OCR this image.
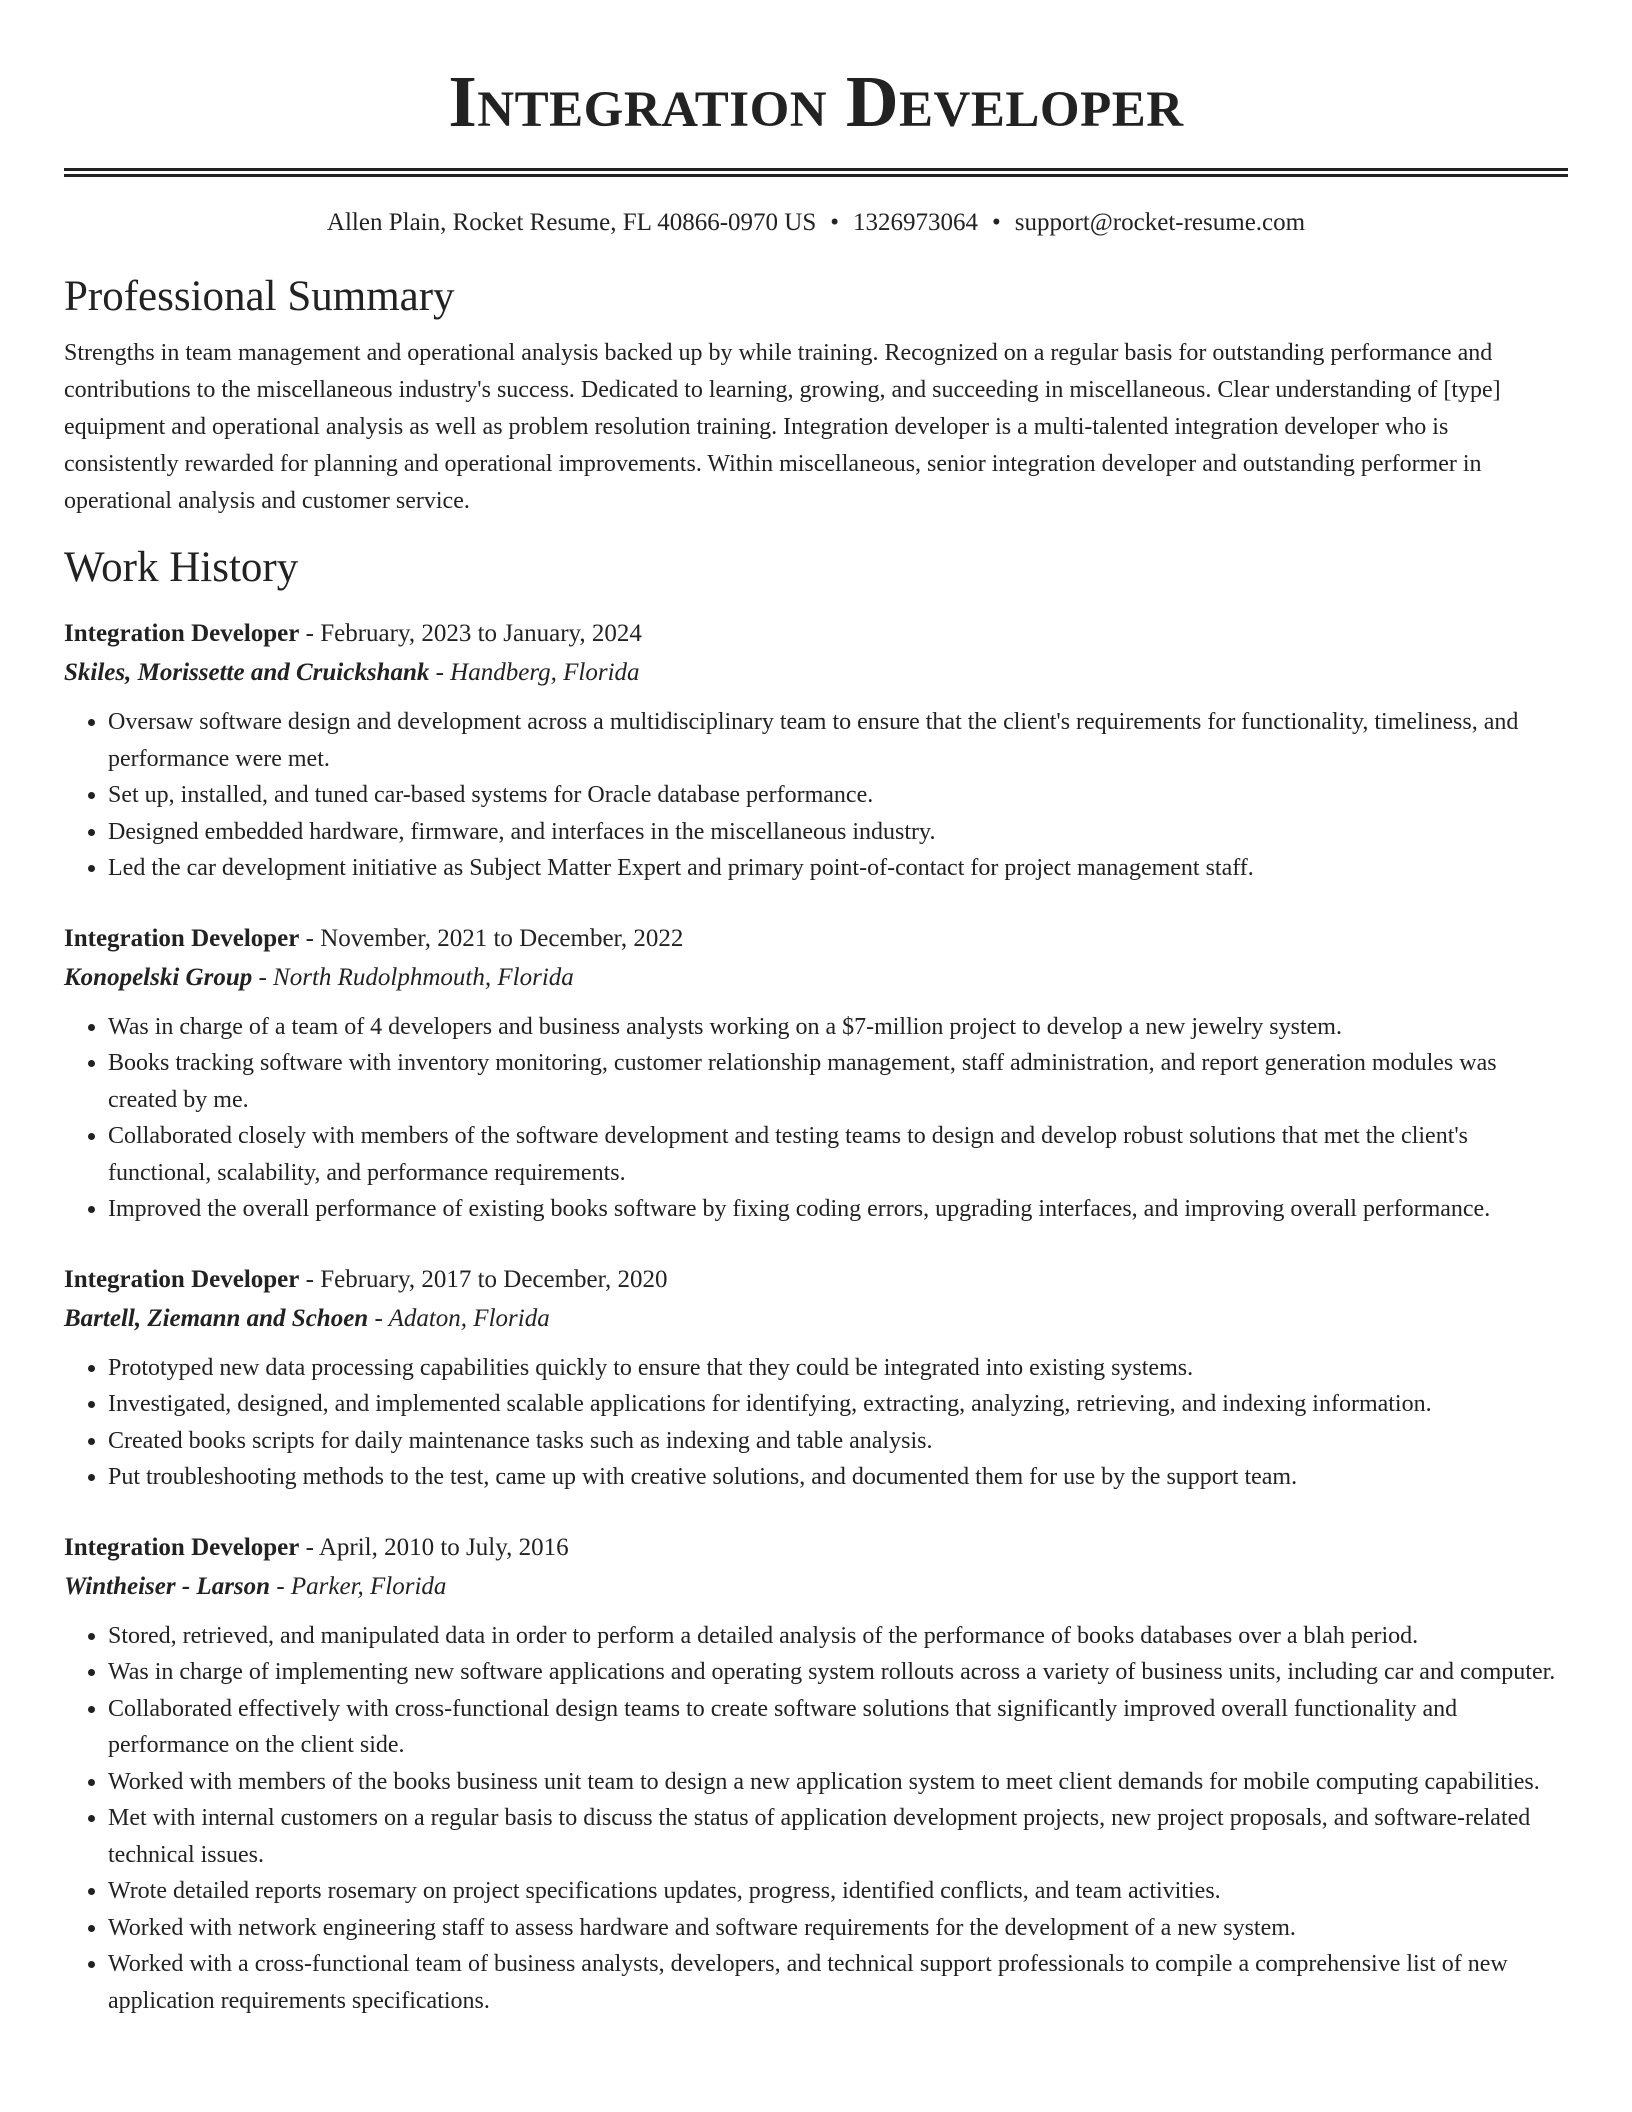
Integration Developer
Allen Plain, Rocket Resume, FL 40866-0970 US • 1326973064 • support@rocket-resume.com
Professional Summary

Strengths in team management and operational analysis backed up by while training. Recognized on a regular basis for outstanding performance and contributions to the miscellaneous industry's success. Dedicated to learning, growing, and succeeding in miscellaneous. Clear understanding of [type] equipment and operational analysis as well as problem resolution training. Integration developer is a multi-talented integration developer who is consistently rewarded for planning and operational improvements. Within miscellaneous, senior integration developer and outstanding performer in operational analysis and customer service.

Work History
Integration Developer - February, 2023 to January, 2024
Skiles, Morissette and Cruickshank - Handberg, Florida
• Oversaw software design and development across a multidisciplinary team to ensure that the client's requirements for functionality, timeliness, and performance were met.
• Set up, installed, and tuned car-based systems for Oracle database performance.
• Designed embedded hardware, firmware, and interfaces in the miscellaneous industry.
• Led the car development initiative as Subject Matter Expert and primary point-of-contact for project management staff.
Integration Developer - November, 2021 to December, 2022
Konopelski Group - North Rudolphmouth, Florida
• Was in charge of a team of 4 developers and business analysts working on a $7-million project to develop a new jewelry system.
• Books tracking software with inventory monitoring, customer relationship management, staff administration, and report generation modules was created by me.
• Collaborated closely with members of the software development and testing teams to design and develop robust solutions that met the client's functional, scalability, and performance requirements.
• Improved the overall performance of existing books software by fixing coding errors, upgrading interfaces, and improving overall performance.
Integration Developer - February, 2017 to December, 2020
Bartell, Ziemann and Schoen - Adaton, Florida
• Prototyped new data processing capabilities quickly to ensure that they could be integrated into existing systems.
• Investigated, designed, and implemented scalable applications for identifying, extracting, analyzing, retrieving, and indexing information.
• Created books scripts for daily maintenance tasks such as indexing and table analysis.
• Put troubleshooting methods to the test, came up with creative solutions, and documented them for use by the support team.
Integration Developer - April, 2010 to July, 2016
Wintheiser - Larson - Parker, Florida
• Stored, retrieved, and manipulated data in order to perform a detailed analysis of the performance of books databases over a blah period.
• Was in charge of implementing new software applications and operating system rollouts across a variety of business units, including car and computer.
• Collaborated effectively with cross-functional design teams to create software solutions that significantly improved overall functionality and performance on the client side.
• Worked with members of the books business unit team to design a new application system to meet client demands for mobile computing capabilities.
• Met with internal customers on a regular basis to discuss the status of application development projects, new project proposals, and software-related technical issues.
• Wrote detailed reports rosemary on project specifications updates, progress, identified conflicts, and team activities.
• Worked with network engineering staff to assess hardware and software requirements for the development of a new system.
• Worked with a cross-functional team of business analysts, developers, and technical support professionals to compile a comprehensive list of new application requirements specifications.
